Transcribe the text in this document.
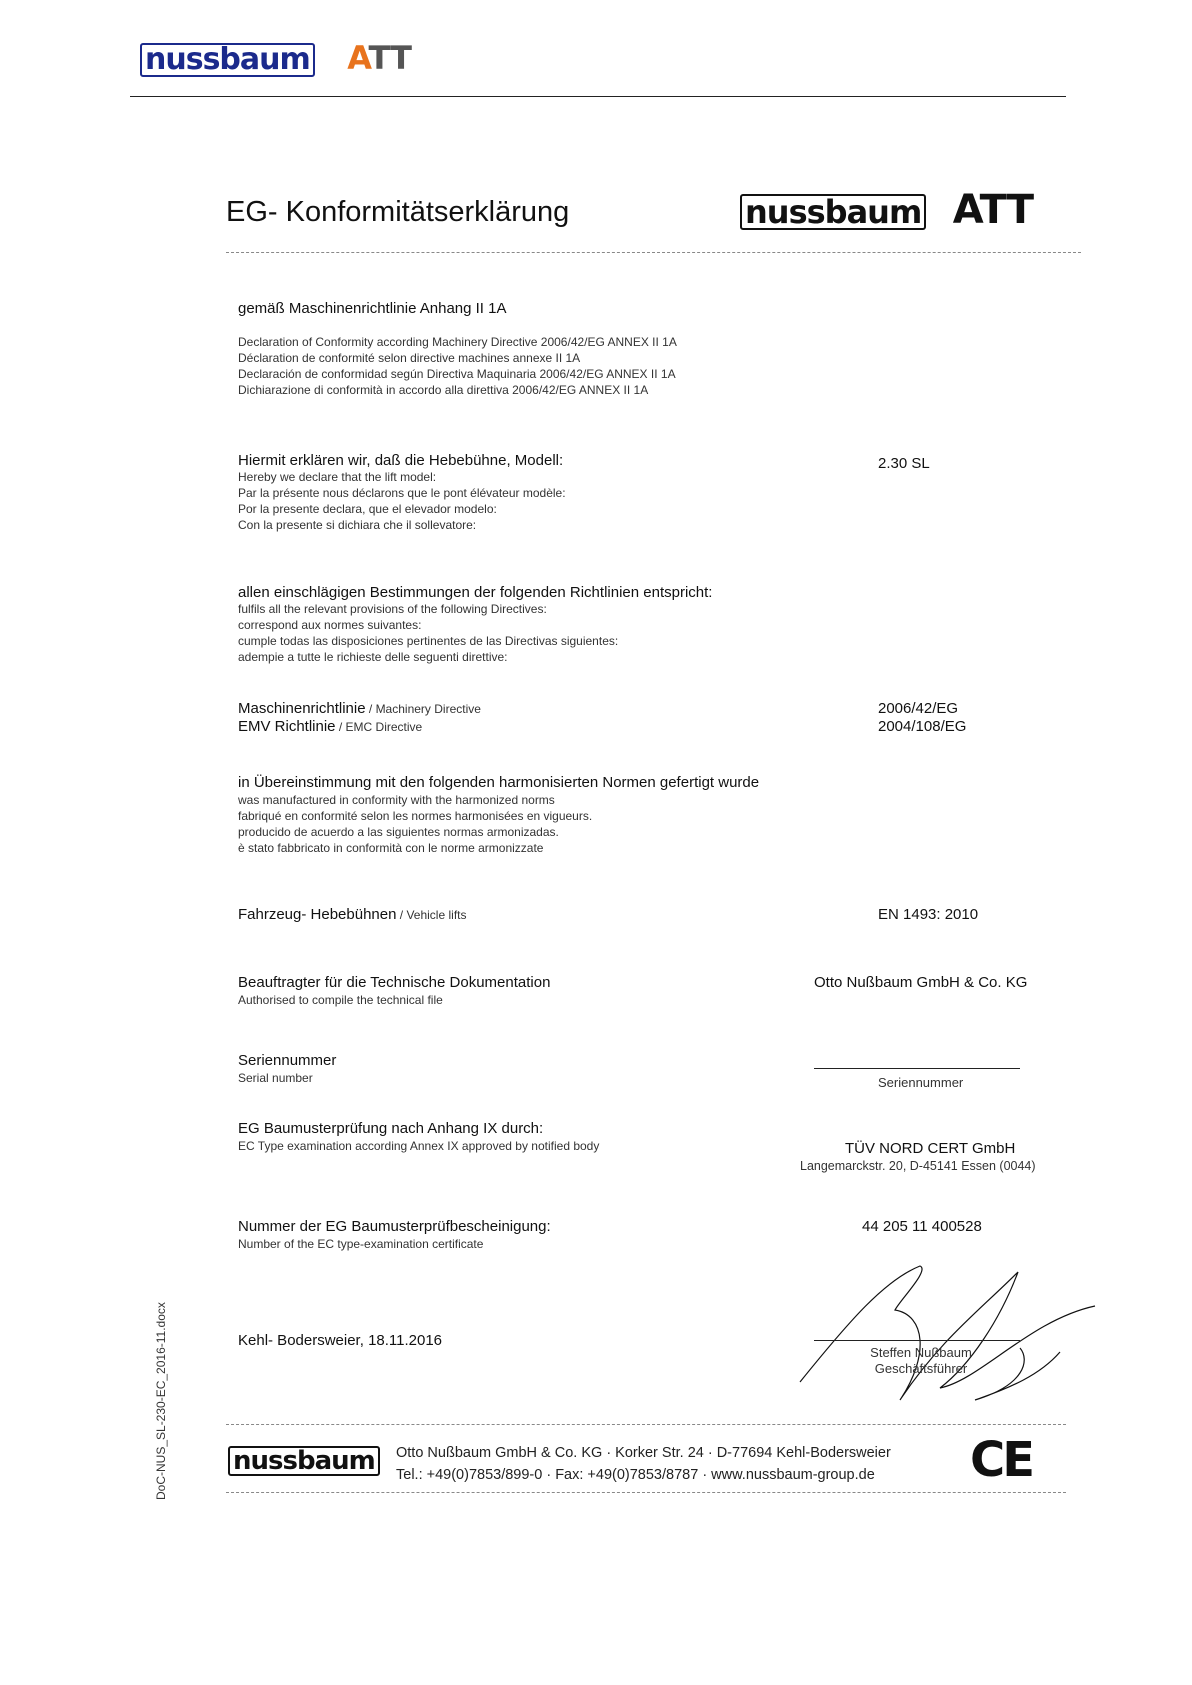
nussbaum ATT
EG- Konformitätserklärung	nussbaum ATT
gemäß Maschinenrichtlinie Anhang II 1A
Declaration of Conformity according Machinery Directive 2006/42/EG ANNEX II 1A
Déclaration de conformité selon directive machines annexe II 1A
Declaración de conformidad según Directiva Maquinaria 2006/42/EG ANNEX II 1A
Dichiarazione di conformità in accordo alla direttiva 2006/42/EG ANNEX II 1A
Hiermit erklären wir, daß die Hebebühne, Modell:
Hereby we declare that the lift model:
Par la présente nous déclarons que le pont élévateur modèle:
Por la presente declara, que el elevador modelo:
Con la presente si dichiara che il sollevatore:
2.30 SL
allen einschlägigen Bestimmungen der folgenden Richtlinien entspricht:
fulfils all the relevant provisions of the following Directives:
correspond aux normes suivantes:
cumple todas las disposiciones pertinentes de las Directivas siguientes:
adempie a tutte le richieste delle seguenti direttive:
Maschinenrichtlinie / Machinery Directive	2006/42/EG
EMV Richtlinie / EMC Directive	2004/108/EG
in Übereinstimmung mit den folgenden harmonisierten Normen gefertigt wurde
was manufactured in conformity with the harmonized norms
fabriqué en conformité selon les normes harmonisées en vigueurs.
producido de acuerdo a las siguientes normas armonizadas.
è stato fabbricato in conformità con le norme armonizzate
Fahrzeug- Hebebühnen / Vehicle lifts	EN 1493: 2010
Beauftragter für die Technische Dokumentation
Authorised to compile the technical file
Otto Nußbaum GmbH & Co. KG
Seriennummer
Serial number	Seriennummer
EG Baumusterprüfung nach Anhang IX durch:
EC Type examination according Annex IX approved by notified body	TÜV NORD CERT GmbH
Langemarckstr. 20, D-45141 Essen (0044)
Nummer der EG Baumusterprüfbescheinigung:
Number of the EC type-examination certificate
44 205 11 400528
Kehl- Bodersweier, 18.11.2016
Steffen Nußbaum
Geschäftsführer
nussbaum	Otto Nußbaum GmbH & Co. KG · Korker Str. 24 · D-77694 Kehl-Bodersweier
Tel.: +49(0)7853/899-0 · Fax: +49(0)7853/8787 · www.nussbaum-group.de	CE
DoC-NUS_SL-230-EC_2016-11.docx
